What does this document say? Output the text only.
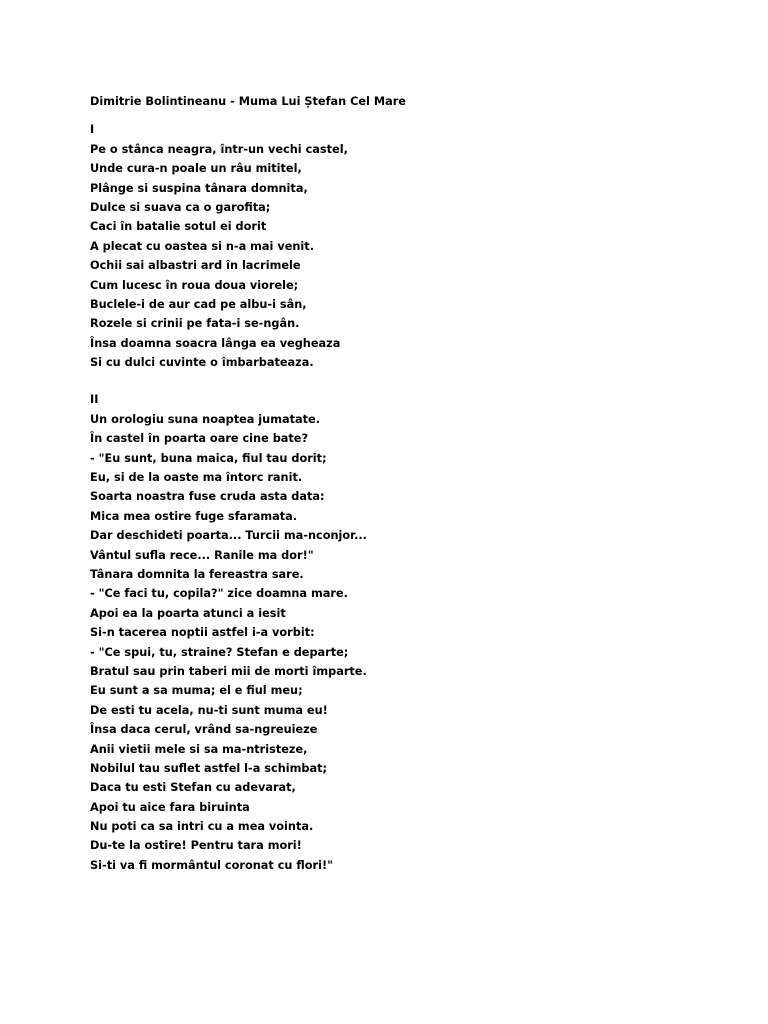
Dimitrie Bolintineanu - Muma Lui Ștefan Cel Mare
I
Pe o stânca neagra, într-un vechi castel,
Unde cura-n poale un râu mititel,
Plânge si suspina tânara domnita,
Dulce si suava ca o garofita;
Caci în batalie sotul ei dorit
A plecat cu oastea si n-a mai venit.
Ochii sai albastri ard în lacrimele
Cum lucesc în roua doua viorele;
Buclele-i de aur cad pe albu-i sân,
Rozele si crinii pe fata-i se-ngân.
Însa doamna soacra lânga ea vegheaza
Si cu dulci cuvinte o îmbarbateaza.
II
Un orologiu suna noaptea jumatate.
În castel în poarta oare cine bate?
- "Eu sunt, buna maica, fiul tau dorit;
Eu, si de la oaste ma întorc ranit.
Soarta noastra fuse cruda asta data:
Mica mea ostire fuge sfaramata.
Dar deschideti poarta... Turcii ma-nconjor...
Vântul sufla rece... Ranile ma dor!"
Tânara domnita la fereastra sare.
- "Ce faci tu, copila?" zice doamna mare.
Apoi ea la poarta atunci a iesit
Si-n tacerea noptii astfel i-a vorbit:
- "Ce spui, tu, straine? Stefan e departe;
Bratul sau prin taberi mii de morti împarte.
Eu sunt a sa muma; el e fiul meu;
De esti tu acela, nu-ti sunt muma eu!
Însa daca cerul, vrând sa-ngreuieze
Anii vietii mele si sa ma-ntristeze,
Nobilul tau suflet astfel l-a schimbat;
Daca tu esti Stefan cu adevarat,
Apoi tu aice fara biruinta
Nu poti ca sa intri cu a mea vointa.
Du-te la ostire! Pentru tara mori!
Si-ti va fi mormântul coronat cu flori!"
